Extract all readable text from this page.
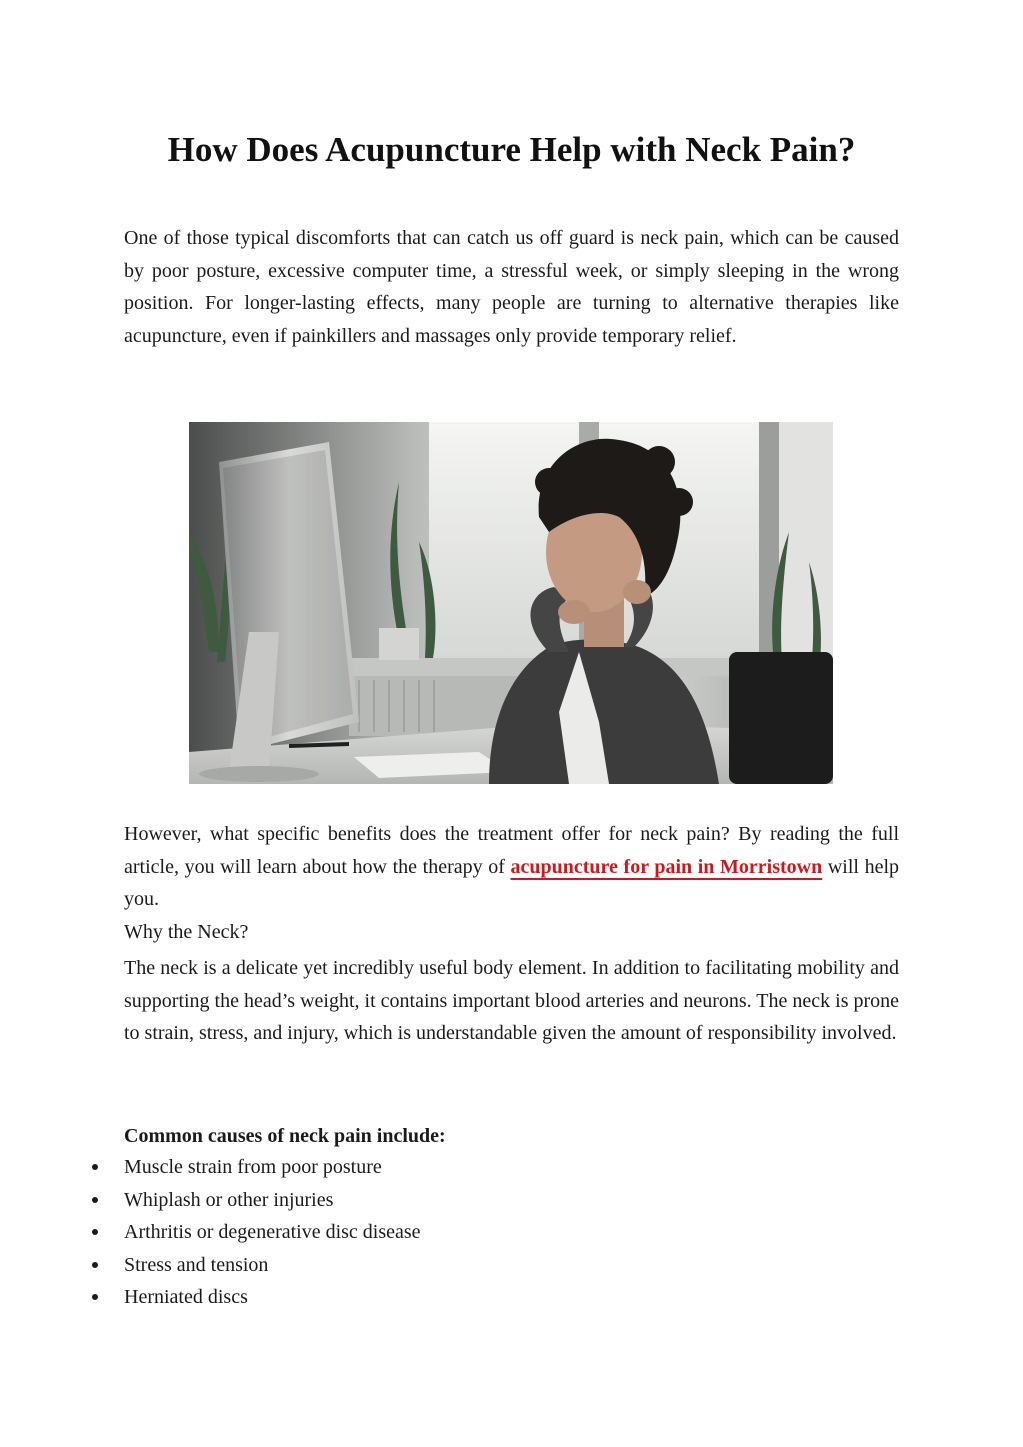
How Does Acupuncture Help with Neck Pain?

One of those typical discomforts that can catch us off guard is neck pain, which can be caused by poor posture, excessive computer time, a stressful week, or simply sleeping in the wrong position. For longer-lasting effects, many people are turning to alternative therapies like acupuncture, even if painkillers and massages only provide temporary relief.

However, what specific benefits does the treatment offer for neck pain? By reading the full article, you will learn about how the therapy of acupuncture for pain in Morristown will help you.

Why the Neck?

The neck is a delicate yet incredibly useful body element. In addition to facilitating mobility and supporting the head’s weight, it contains important blood arteries and neurons. The neck is prone to strain, stress, and injury, which is understandable given the amount of responsibility involved.

Common causes of neck pain include:

Muscle strain from poor posture
Whiplash or other injuries
Arthritis or degenerative disc disease
Stress and tension
Herniated discs
